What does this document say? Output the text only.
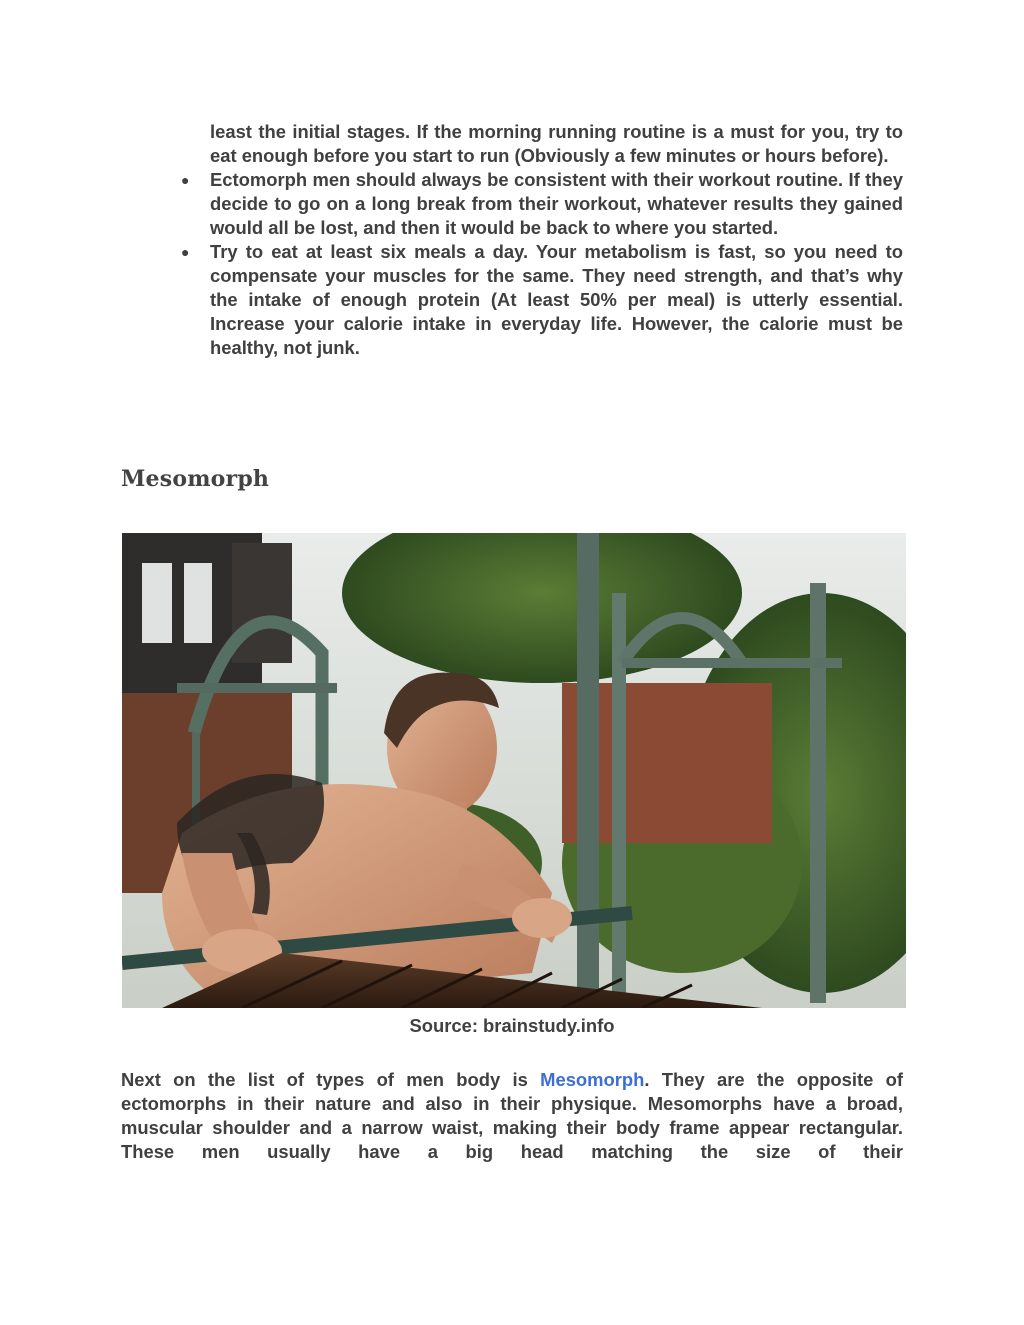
least the initial stages. If the morning running routine is a must for you, try to eat enough before you start to run (Obviously a few minutes or hours before).
●	Ectomorph men should always be consistent with their workout routine. If they decide to go on a long break from their workout, whatever results they gained would all be lost, and then it would be back to where you started.
●	Try to eat at least six meals a day. Your metabolism is fast, so you need to compensate your muscles for the same. They need strength, and that’s why the intake of enough protein (At least 50% per meal) is utterly essential. Increase your calorie intake in everyday life. However, the calorie must be healthy, not junk.
Mesomorph

Source: brainstudy.info

Next on the list of types of men body is Mesomorph. They are the opposite of ectomorphs in their nature and also in their physique. Mesomorphs have a broad, muscular shoulder and a narrow waist, making their body frame appear rectangular. These men usually have a big head matching the size of their
